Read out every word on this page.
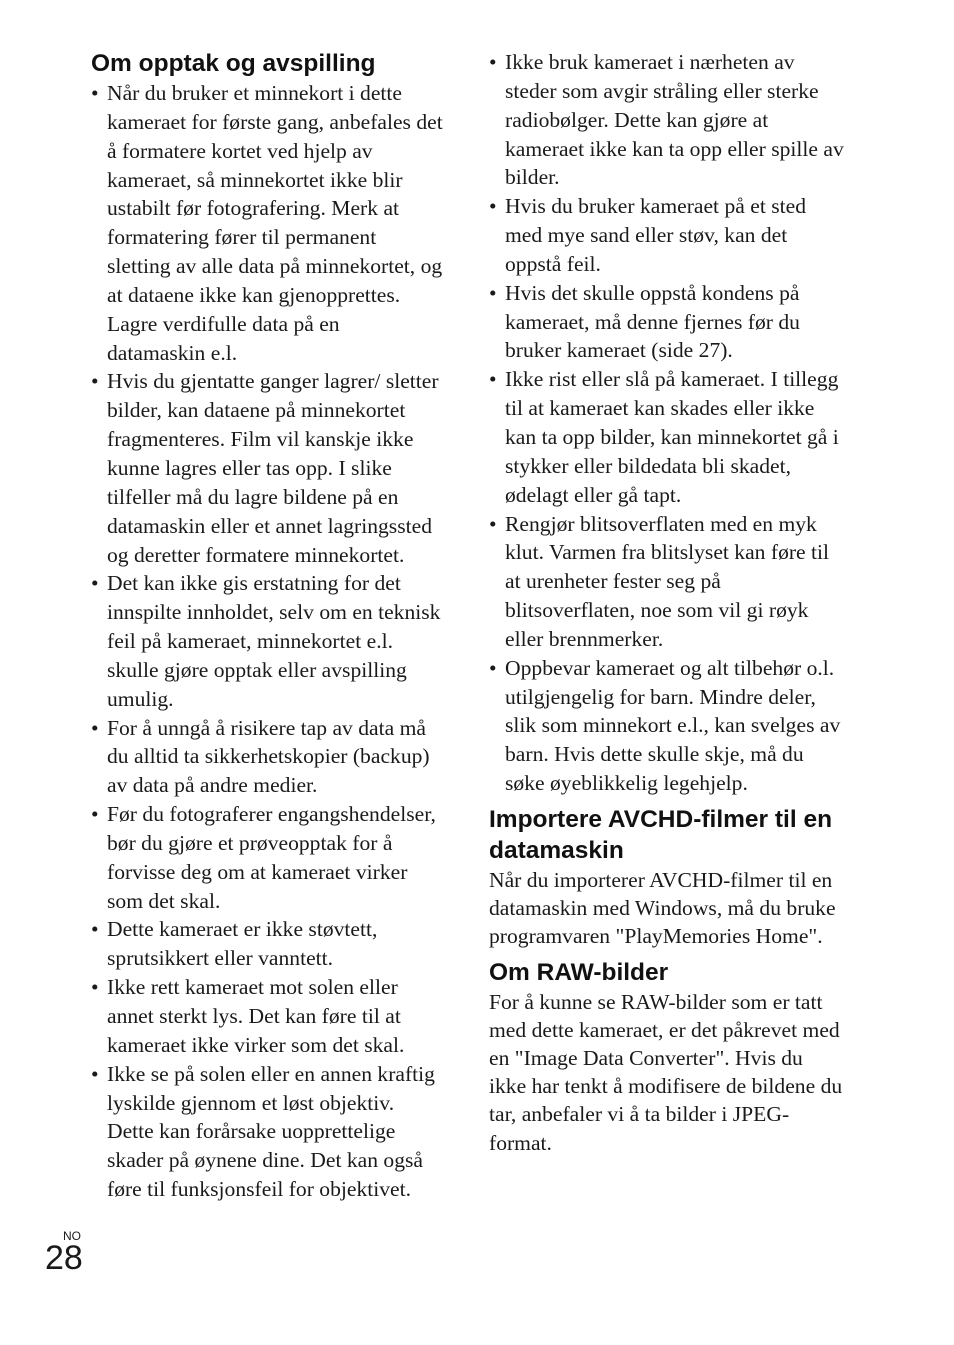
Om opptak og avspilling
• Når du bruker et minnekort i dette kameraet for første gang, anbefales det å formatere kortet ved hjelp av kameraet, så minnekortet ikke blir ustabilt før fotografering. Merk at formatering fører til permanent sletting av alle data på minnekortet, og at dataene ikke kan gjenopprettes. Lagre verdifulle data på en datamaskin e.l.
• Hvis du gjentatte ganger lagrer/ sletter bilder, kan dataene på minnekortet fragmenteres. Film vil kanskje ikke kunne lagres eller tas opp. I slike tilfeller må du lagre bildene på en datamaskin eller et annet lagringssted og deretter formatere minnekortet.
• Det kan ikke gis erstatning for det innspilte innholdet, selv om en teknisk feil på kameraet, minnekortet e.l. skulle gjøre opptak eller avspilling umulig.
• For å unngå å risikere tap av data må du alltid ta sikkerhetskopier (backup) av data på andre medier.
• Før du fotograferer engangshendelser, bør du gjøre et prøveopptak for å forvisse deg om at kameraet virker som det skal.
• Dette kameraet er ikke støvtett, sprutsikkert eller vanntett.
• Ikke rett kameraet mot solen eller annet sterkt lys. Det kan føre til at kameraet ikke virker som det skal.
• Ikke se på solen eller en annen kraftig lyskilde gjennom et løst objektiv. Dette kan forårsake uopprettelige skader på øynene dine. Det kan også føre til funksjonsfeil for objektivet.
• Ikke bruk kameraet i nærheten av steder som avgir stråling eller sterke radiobølger. Dette kan gjøre at kameraet ikke kan ta opp eller spille av bilder.
• Hvis du bruker kameraet på et sted med mye sand eller støv, kan det oppstå feil.
• Hvis det skulle oppstå kondens på kameraet, må denne fjernes før du bruker kameraet (side 27).
• Ikke rist eller slå på kameraet. I tillegg til at kameraet kan skades eller ikke kan ta opp bilder, kan minnekortet gå i stykker eller bildedata bli skadet, ødelagt eller gå tapt.
• Rengjør blitsoverflaten med en myk klut. Varmen fra blitslyset kan føre til at urenheter fester seg på blitsoverflaten, noe som vil gi røyk eller brennmerker.
• Oppbevar kameraet og alt tilbehør o.l. utilgjengelig for barn. Mindre deler, slik som minnekort e.l., kan svelges av barn. Hvis dette skulle skje, må du søke øyeblikkelig legehjelp.
Importere AVCHD-filmer til en datamaskin

Når du importerer AVCHD-filmer til en datamaskin med Windows, må du bruke programvaren "PlayMemories Home".

Om RAW-bilder

For å kunne se RAW-bilder som er tatt med dette kameraet, er det påkrevet med en "Image Data Converter". Hvis du ikke har tenkt å modifisere de bildene du tar, anbefaler vi å ta bilder i JPEG-format.

NO
28
